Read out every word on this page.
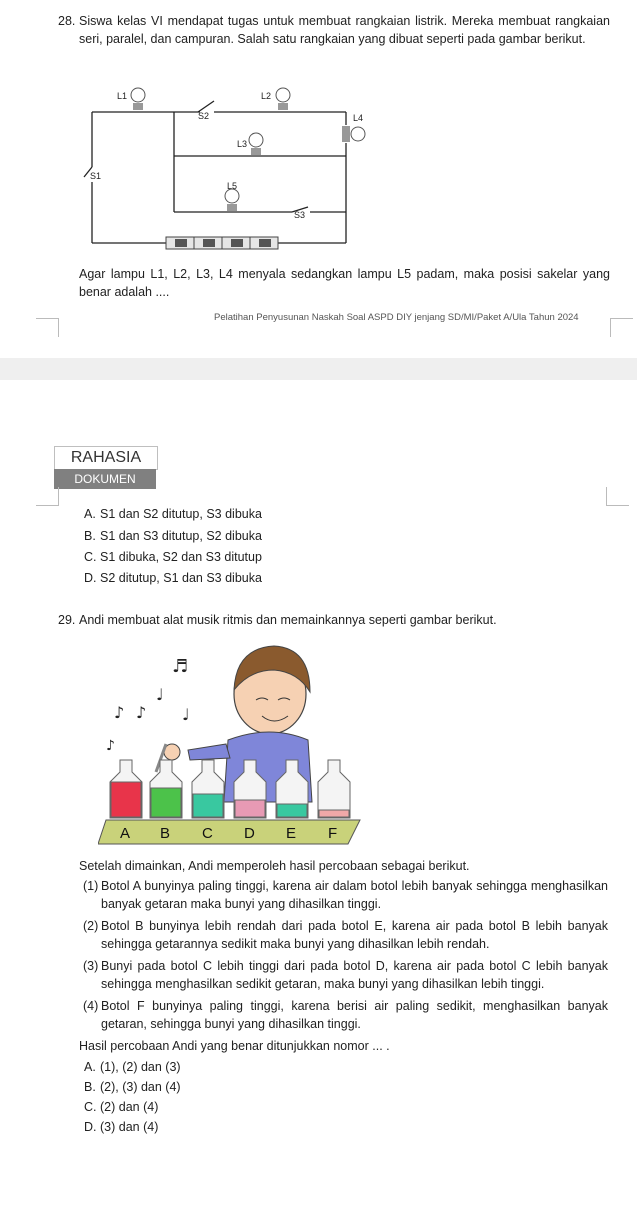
28. Siswa kelas VI mendapat tugas untuk membuat rangkaian listrik. Mereka membuat rangkaian seri, paralel, dan campuran. Salah satu rangkaian yang dibuat seperti pada gambar berikut.
L1	L2
S2	L4
L3
S1
L5
S3
Agar lampu L1, L2, L3, L4 menyala sedangkan lampu L5 padam, maka posisi sakelar yang benar adalah ....
Pelatihan Penyusunan Naskah Soal ASPD DIY jenjang SD/MI/Paket A/Ula Tahun 2024
RAHASIA
DOKUMEN NEGARA
A. S1 dan S2 ditutup, S3 dibuka
B. S1 dan S3 ditutup, S2 dibuka
C. S1 dibuka, S2 dan S3 ditutup
D. S2 ditutup, S1 dan S3 dibuka
29. Andi membuat alat musik ritmis dan memainkannya seperti gambar berikut.
♬
♩
♪ ♪ ♩
♪
A B C D E F
Setelah dimainkan, Andi memperoleh hasil percobaan sebagai berikut.
(1) Botol A bunyinya paling tinggi, karena air dalam botol lebih banyak sehingga menghasilkan banyak getaran maka bunyi yang dihasilkan tinggi.
(2) Botol B bunyinya lebih rendah dari pada botol E, karena air pada botol B lebih banyak sehingga getarannya sedikit maka bunyi yang dihasilkan lebih rendah.
(3) Bunyi pada botol C lebih tinggi dari pada botol D, karena air pada botol C lebih banyak sehingga menghasilkan sedikit getaran, maka bunyi yang dihasilkan lebih tinggi.
(4) Botol F bunyinya paling tinggi, karena berisi air paling sedikit, menghasilkan banyak getaran, sehingga bunyi yang dihasilkan tinggi.
Hasil percobaan Andi yang benar ditunjukkan nomor ... .
A. (1), (2) dan (3)
B. (2), (3) dan (4)
C. (2) dan (4)
D. (3) dan (4)
